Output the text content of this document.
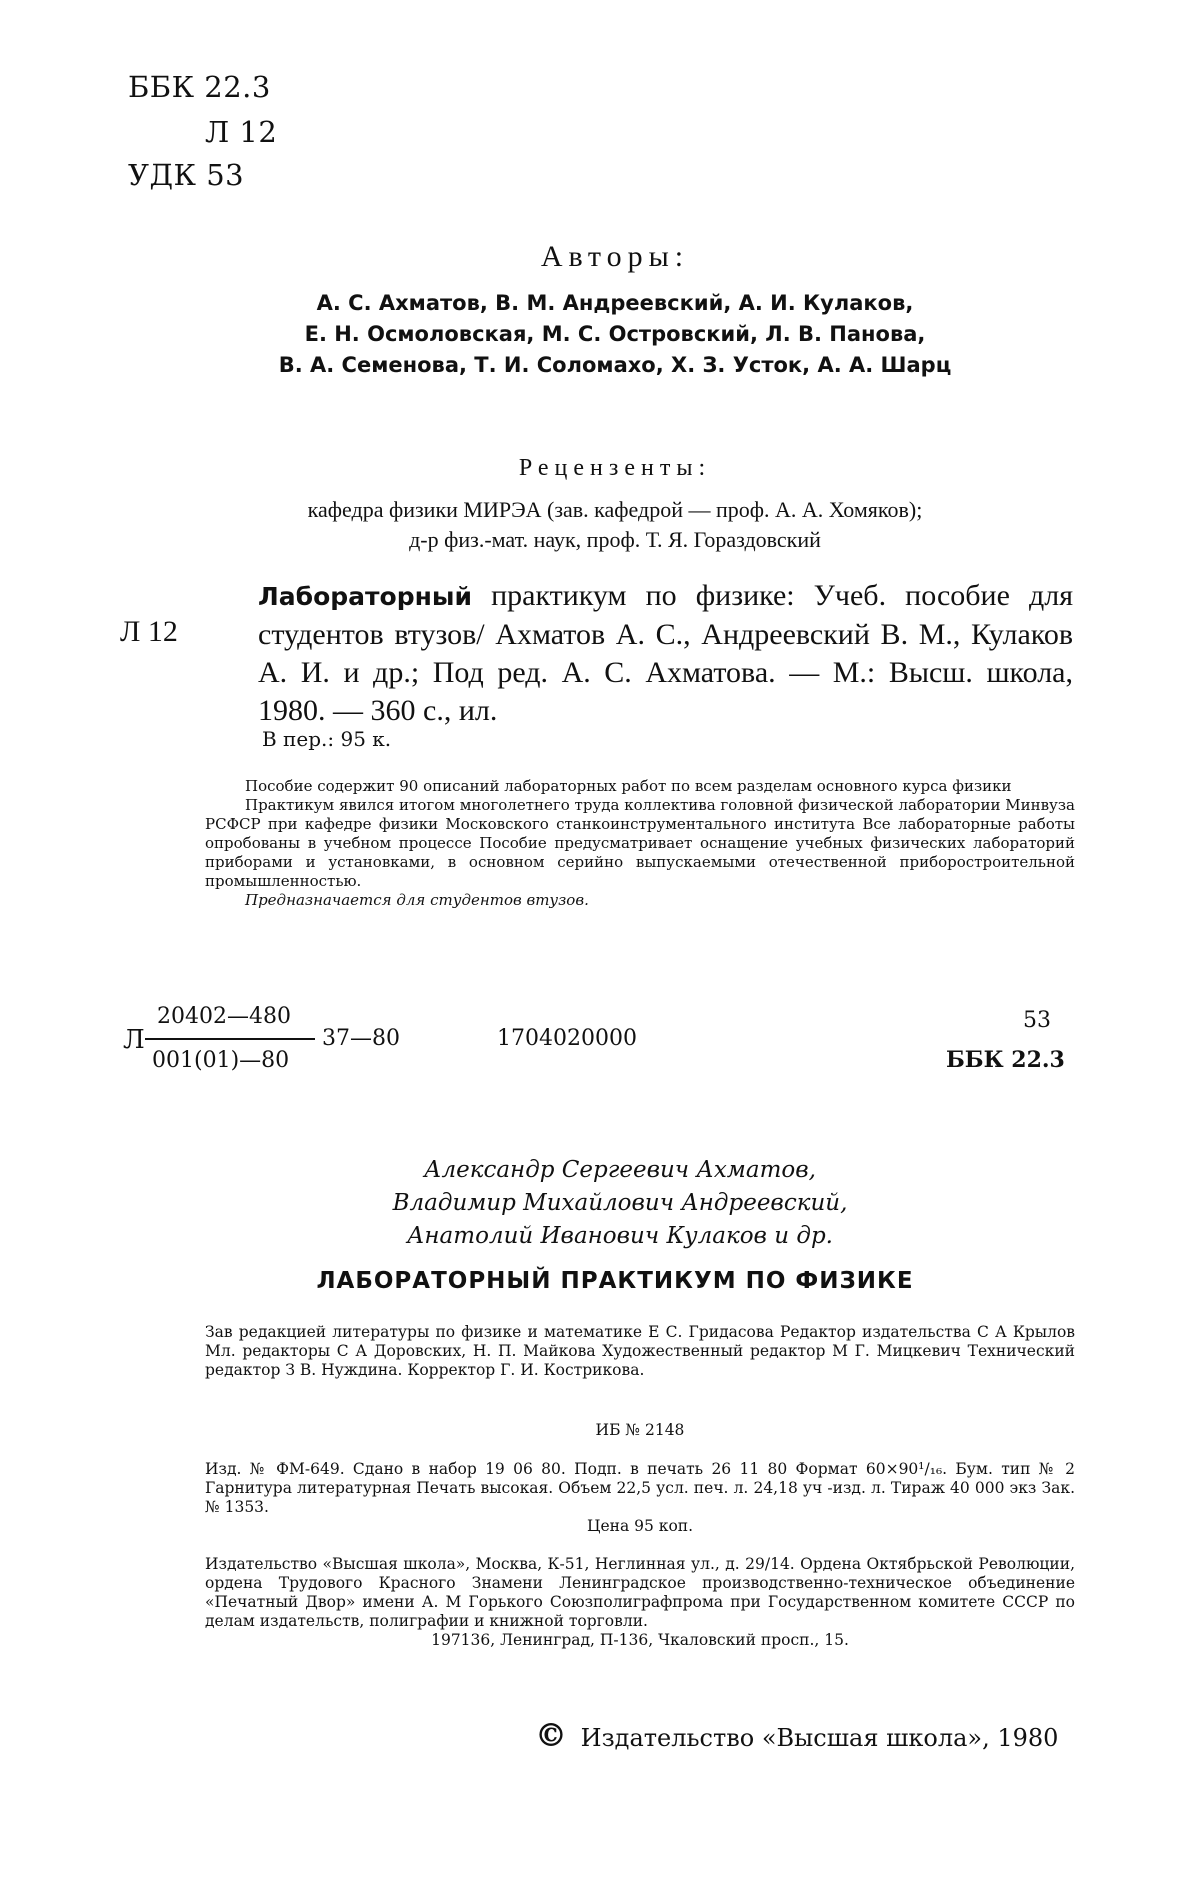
ББК 22.3
Л 12
УДК 53
Авторы:
А. С. Ахматов, В. М. Андреевский, А. И. Кулаков,
Е. Н. Осмоловская, М. С. Островский, Л. В. Панова,
В. А. Семенова, Т. И. Соломахо, Х. З. Усток, А. А. Шарц
Рецензенты:
кафедра физики МИРЭА (зав. кафедрой — проф. А. А. Хомяков);
д-р физ.-мат. наук, проф. Т. Я. Гораздовский
Л 12

Лабораторный практикум по физике: Учеб. пособие для студентов втузов/ Ахматов А. С., Андреевский В. М., Кулаков А. И. и др.; Под ред. А. С. Ахматова. — М.: Высш. школа, 1980. — 360 с., ил.

В пер.: 95 к.

Пособие содержит 90 описаний лабораторных работ по всем разделам основного курса физики

Практикум явился итогом многолетнего труда коллектива головной физической лаборатории Минвуза РСФСР при кафедре физики Московского станкоинструментального института Все лабораторные работы опробованы в учебном процессе Пособие предусматривает оснащение учебных физических лабораторий приборами и установками, в основном серийно выпускаемыми отечественной приборостроительной промышленностью.

Предназначается для студентов втузов.

Л
20402—480
001(01)—80
37—80	1704020000
53
ББК 22.3
Александр Сергеевич Ахматов,
Владимир Михайлович Андреевский,
Анатолий Иванович Кулаков и др.
ЛАБОРАТОРНЫЙ ПРАКТИКУМ ПО ФИЗИКЕ

Зав редакцией литературы по физике и математике Е С. Гридасова Редактор издательства С А Крылов Мл. редакторы С А Доровских, Н. П. Майкова Художественный редактор М Г. Мицкевич Технический редактор З В. Нуждина. Корректор Г. И. Кострикова.

ИБ № 2148

Изд. № ФМ-649. Сдано в набор 19 06 80. Подп. в печать 26 11 80 Формат 60×90¹/₁₆. Бум. тип № 2 Гарнитура литературная Печать высокая. Объем 22,5 усл. печ. л. 24,18 уч -изд. л. Тираж 40 000 экз Зак. № 1353.

Цена 95 коп.

Издательство «Высшая школа», Москва, К-51, Неглинная ул., д. 29/14. Ордена Октябрьской Революции, ордена Трудового Красного Знамени Ленинградское производственно-техническое объединение «Печатный Двор» имени А. М Горького Союзполиграфпрома при Государственном комитете СССР по делам издательств, полиграфии и книжной торговли.

197136, Ленинград, П-136, Чкаловский просп., 15.

© Издательство «Высшая школа», 1980
